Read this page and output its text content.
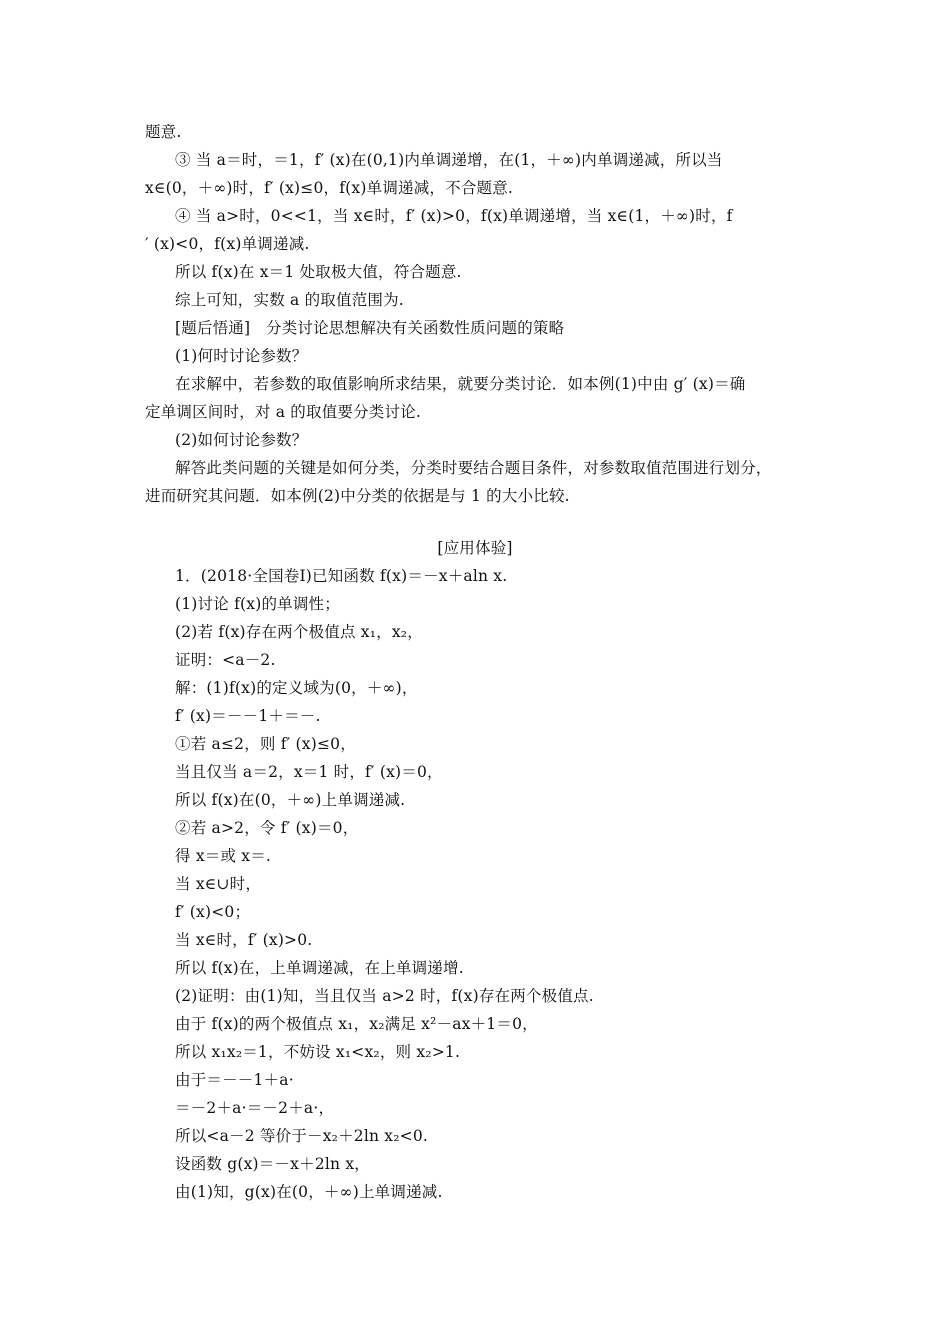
题意.
③ 当 a＝时，＝1，f′ (x)在(0,1)内单调递增，在(1，＋∞)内单调递减，所以当
x∈(0，＋∞)时，f′ (x)≤0，f(x)单调递减，不合题意.
④ 当 a>时，0<<1，当 x∈时，f′ (x)>0，f(x)单调递增，当 x∈(1，＋∞)时，f
′ (x)<0，f(x)单调递减.
所以 f(x)在 x＝1 处取极大值，符合题意.
综上可知，实数 a 的取值范围为.
[题后悟通]　分类讨论思想解决有关函数性质问题的策略
(1)何时讨论参数？
在求解中，若参数的取值影响所求结果，就要分类讨论．如本例(1)中由 g′ (x)＝确
定单调区间时，对 a 的取值要分类讨论.
(2)如何讨论参数？
解答此类问题的关键是如何分类，分类时要结合题目条件，对参数取值范围进行划分，
进而研究其问题．如本例(2)中分类的依据是与 1 的大小比较.
[应用体验]
1．(2018·全国卷Ⅰ)已知函数 f(x)＝－x＋aln x.
(1)讨论 f(x)的单调性；
(2)若 f(x)存在两个极值点 x₁，x₂，
证明：<a－2.
解：(1)f(x)的定义域为(0，＋∞)，
f′ (x)＝－－1＋＝－.
①若 a≤2，则 f′ (x)≤0，
当且仅当 a＝2，x＝1 时，f′ (x)＝0，
所以 f(x)在(0，＋∞)上单调递减.
②若 a>2，令 f′ (x)＝0，
得 x＝或 x＝.
当 x∈∪时，
f′ (x)<0；
当 x∈时，f′ (x)>0.
所以 f(x)在，上单调递减，在上单调递增.
(2)证明：由(1)知，当且仅当 a>2 时，f(x)存在两个极值点.
由于 f(x)的两个极值点 x₁，x₂满足 x²－ax＋1＝0，
所以 x₁x₂＝1，不妨设 x₁<x₂，则 x₂>1.
由于＝－－1＋a·
＝－2＋a·＝－2＋a·，
所以<a－2 等价于－x₂＋2ln x₂<0.
设函数 g(x)＝－x＋2ln x，
由(1)知，g(x)在(0，＋∞)上单调递减.
